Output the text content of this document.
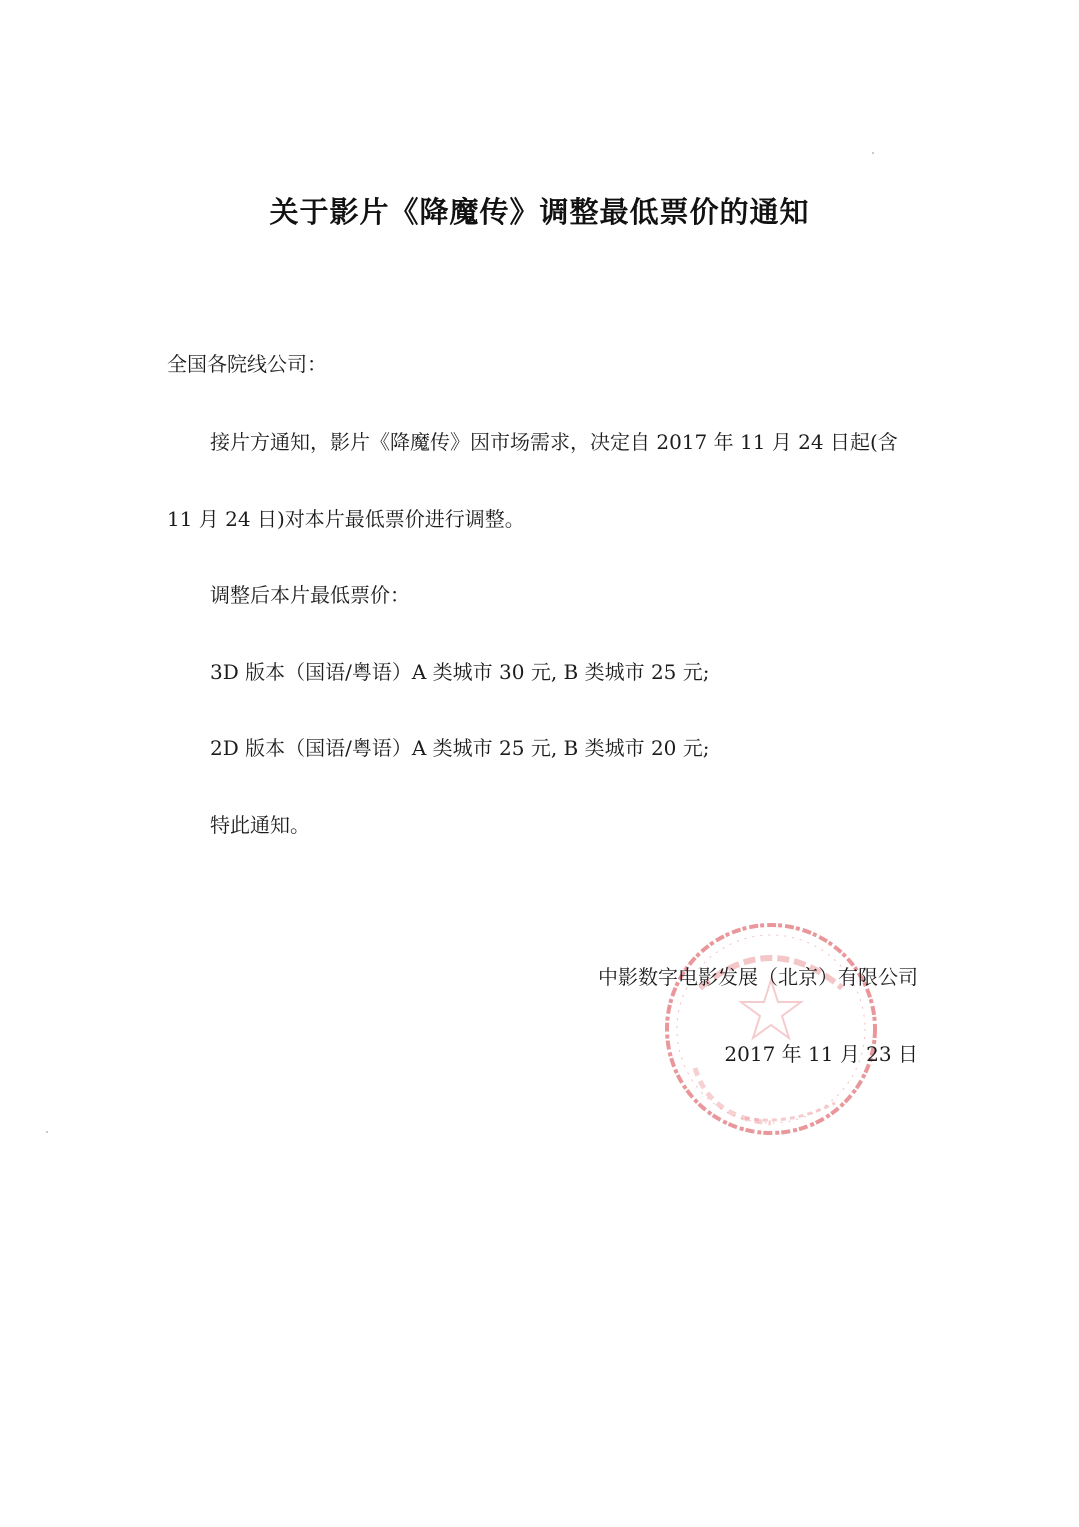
关于影片《降魔传》调整最低票价的通知
全国各院线公司：
接片方通知，影片《降魔传》因市场需求，决定自 2017 年 11 月 24 日起(含
11 月 24 日)对本片最低票价进行调整。
调整后本片最低票价：
3D 版本（国语/粤语）A 类城市 30 元, B 类城市 25 元;
2D 版本（国语/粤语）A 类城市 25 元, B 类城市 20 元;
特此通知。
中影数字电影发展（北京）有限公司
2017 年 11 月 23 日
